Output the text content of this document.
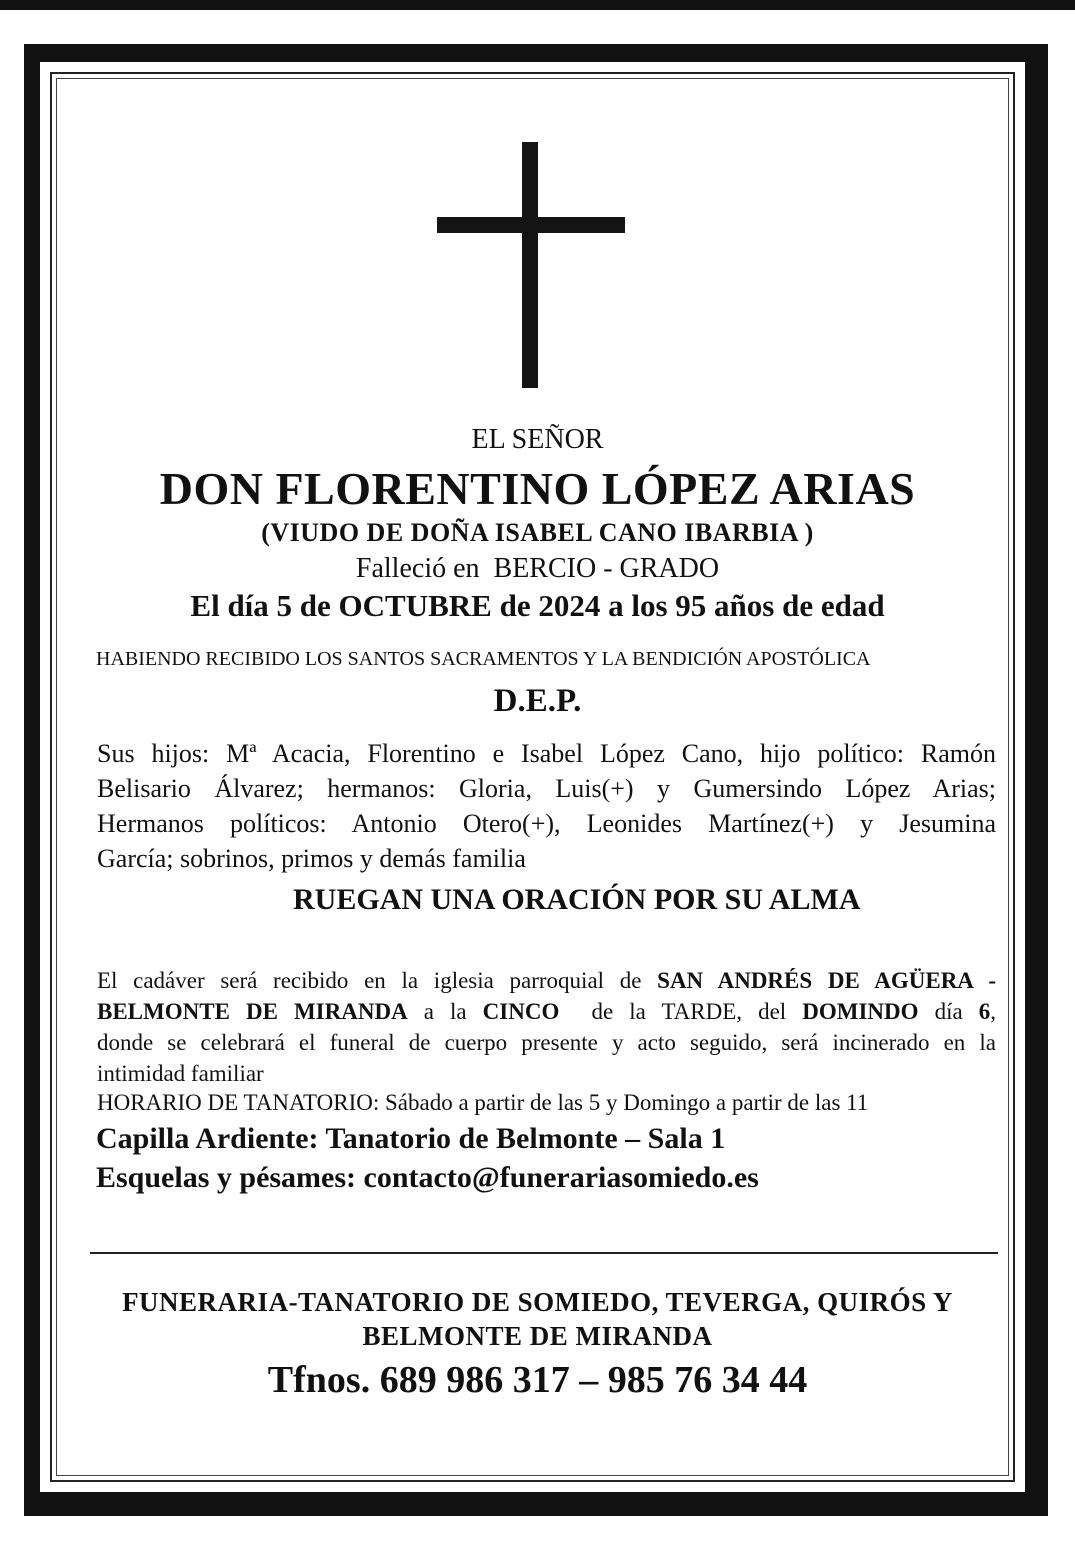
EL SEÑOR
DON FLORENTINO LÓPEZ ARIAS
(VIUDO DE DOÑA ISABEL CANO IBARBIA )
Falleció en  BERCIO - GRADO
El día 5 de OCTUBRE de 2024 a los 95 años de edad
HABIENDO RECIBIDO LOS SANTOS SACRAMENTOS Y LA BENDICIÓN APOSTÓLICA
D.E.P.
Sus hijos: Mª Acacia, Florentino e Isabel López Cano, hijo político: Ramón
Belisario Álvarez; hermanos: Gloria, Luis(+) y Gumersindo López Arias;
Hermanos políticos: Antonio Otero(+), Leonides Martínez(+) y Jesumina
García; sobrinos, primos y demás familia
RUEGAN UNA ORACIÓN POR SU ALMA
El cadáver será recibido en la iglesia parroquial de SAN ANDRÉS DE AGÜERA -
BELMONTE DE MIRANDA a la CINCO  de la TARDE, del DOMINDO día 6,
donde se celebrará el funeral de cuerpo presente y acto seguido, será incinerado en la
intimidad familiar
HORARIO DE TANATORIO: Sábado a partir de las 5 y Domingo a partir de las 11
Capilla Ardiente: Tanatorio de Belmonte – Sala 1
Esquelas y pésames: contacto@funerariasomiedo.es
FUNERARIA-TANATORIO DE SOMIEDO, TEVERGA, QUIRÓS Y
BELMONTE DE MIRANDA
Tfnos. 689 986 317 – 985 76 34 44
